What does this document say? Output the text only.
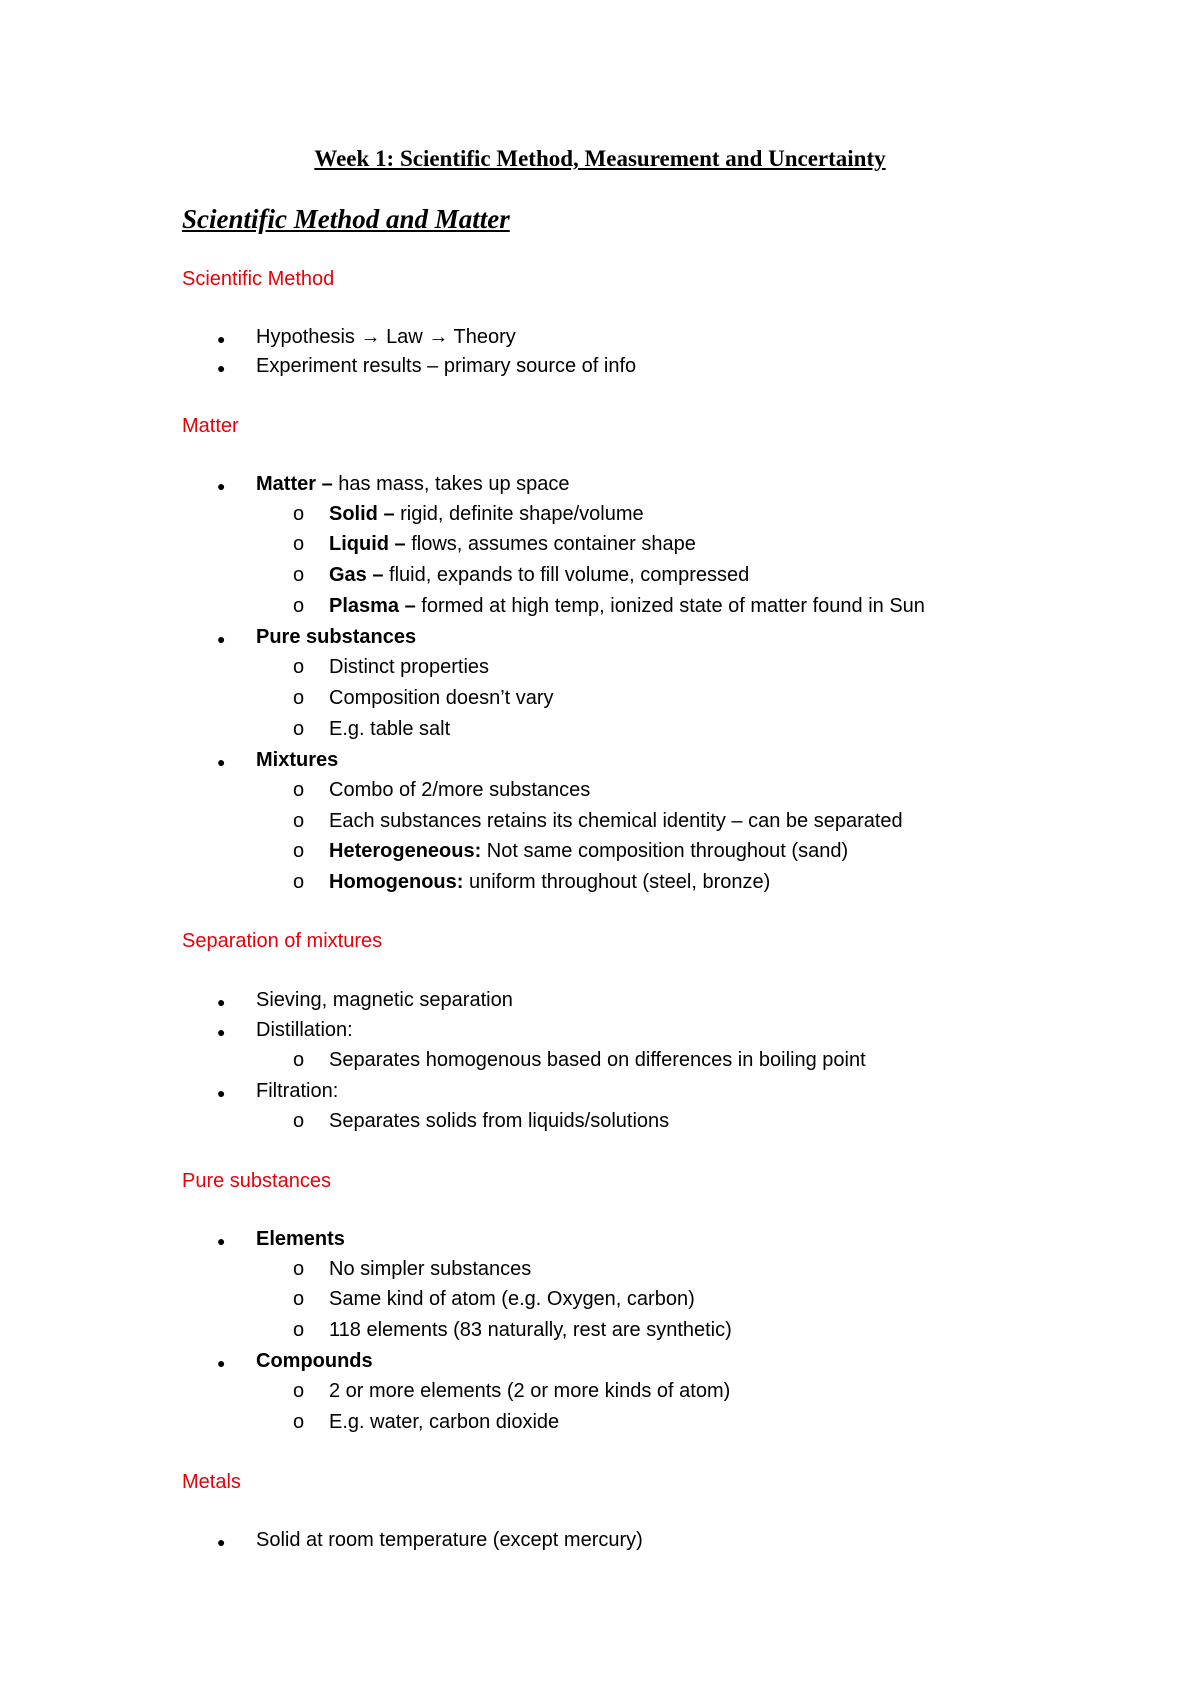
Week 1: Scientific Method, Measurement and Uncertainty
Scientific Method and Matter
Scientific Method
● Hypothesis → Law → Theory
● Experiment results – primary source of info
Matter
● Matter – has mass, takes up space
o Solid – rigid, definite shape/volume
o Liquid – flows, assumes container shape
o Gas – fluid, expands to fill volume, compressed
o Plasma – formed at high temp, ionized state of matter found in Sun
● Pure substances
o Distinct properties
o Composition doesn’t vary
o E.g. table salt
● Mixtures
o Combo of 2/more substances
o Each substances retains its chemical identity – can be separated
o Heterogeneous: Not same composition throughout (sand)
o Homogenous: uniform throughout (steel, bronze)
Separation of mixtures
● Sieving, magnetic separation
● Distillation:
o Separates homogenous based on differences in boiling point
● Filtration:
o Separates solids from liquids/solutions
Pure substances
● Elements
o No simpler substances
o Same kind of atom (e.g. Oxygen, carbon)
o 118 elements (83 naturally, rest are synthetic)
● Compounds
o 2 or more elements (2 or more kinds of atom)
o E.g. water, carbon dioxide
Metals
● Solid at room temperature (except mercury)
